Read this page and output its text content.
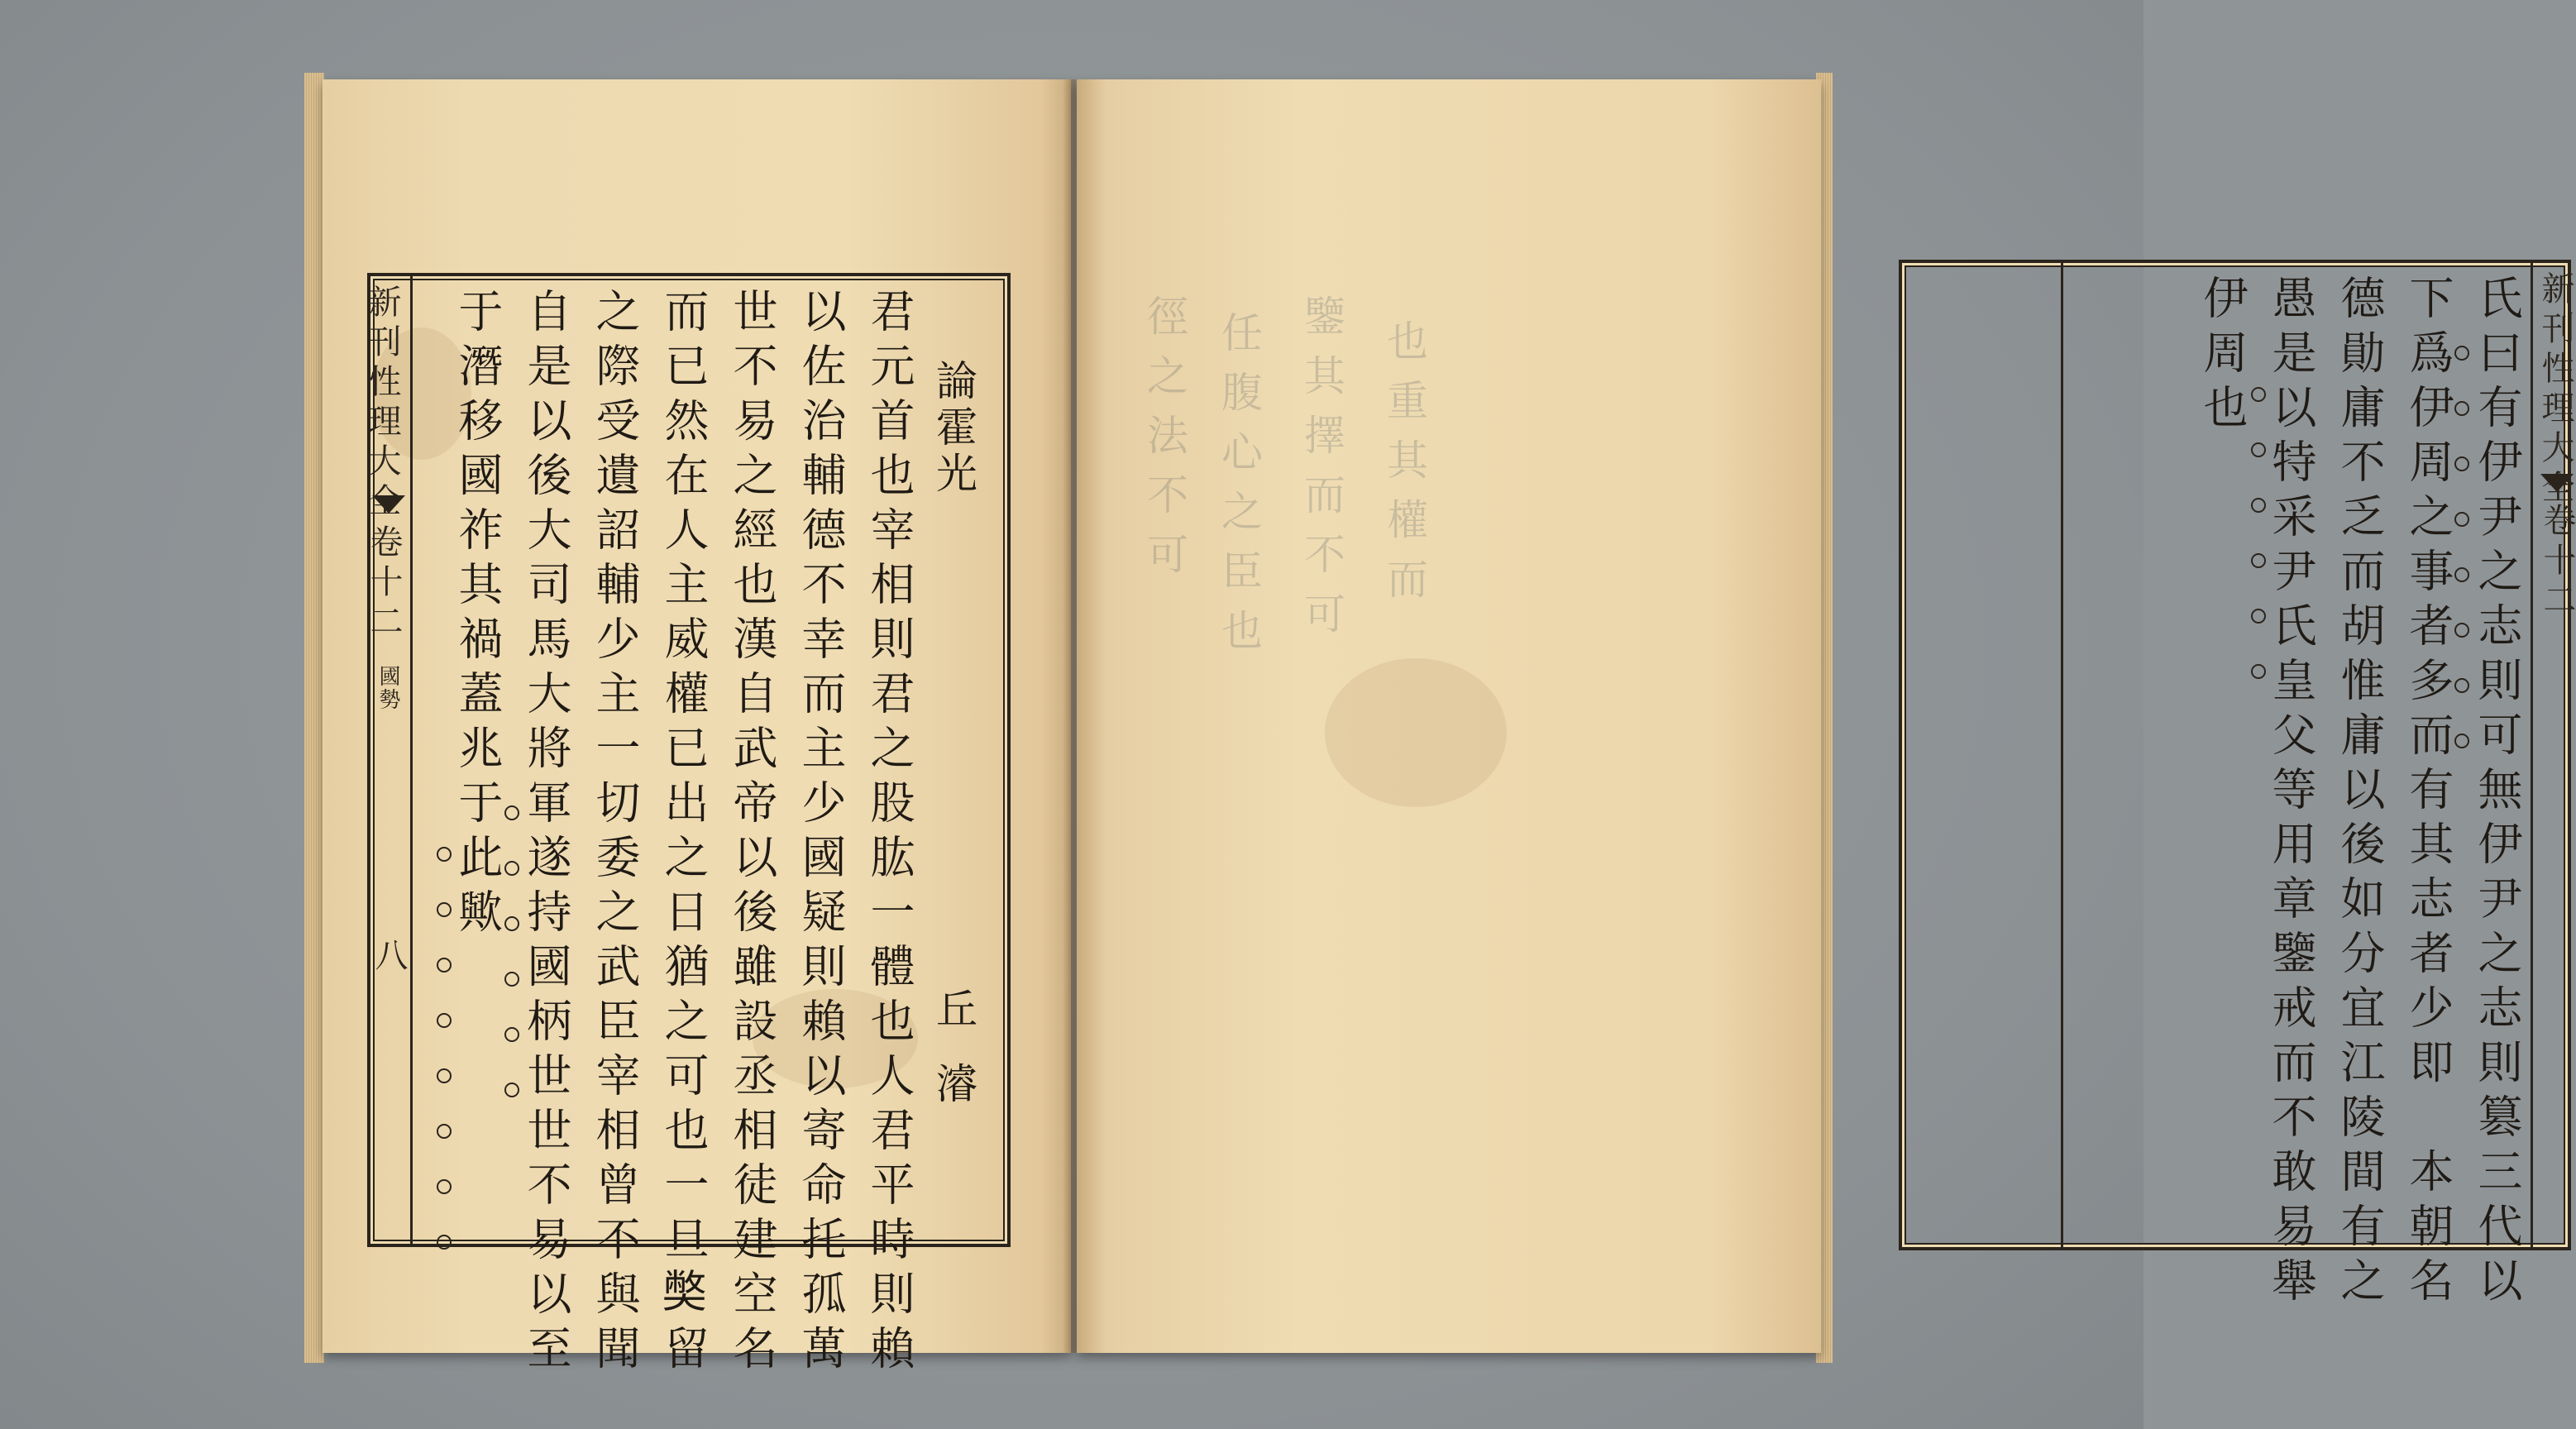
新刊性理大全
卷十二
國勢
八
論霍光
丘濬
君元首也宰相則君之股肱一體也人君平時則賴
以佐治輔德不幸而主少國疑則賴以寄命托孤萬
世不易之經也漢自武帝以後雖設丞相徒建空名
而已然在人主威權已出之日猶之可也一旦𡚁留
之際受遺詔輔少主一切委之武臣宰相曾不與聞
自是以後大司馬大將軍遂持國柄世世不易以至
于潛移國祚其禍蓋兆于此歟	徑之法不可 任腹心之臣也 鑒其擇而不可 也重其權而	新刊性理大全
卷十二
氏曰有伊尹之志則可無伊尹之志則篡三代以
下爲伊周之事者多而有其志者少即　本朝名
德勛庸不乏而胡惟庸以後如分宜江陵間有之
愚是以特采尹氏皇父等用章鑒戒而不敢易舉
伊周也
